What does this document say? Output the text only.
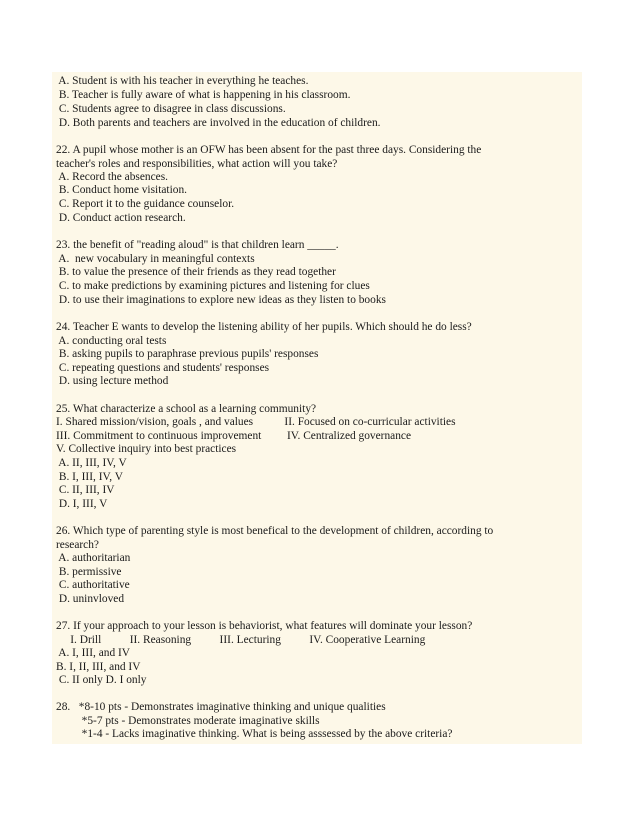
A. Student is with his teacher in everything he teaches.
B. Teacher is fully aware of what is happening in his classroom.
C. Students agree to disagree in class discussions.
D. Both parents and teachers are involved in the education of children.
22. A pupil whose mother is an OFW has been absent for the past three days. Considering the
teacher's roles and responsibilities, what action will you take?
A. Record the absences.
B. Conduct home visitation.
C. Report it to the guidance counselor.
D. Conduct action research.
23. the benefit of "reading aloud" is that children learn _____.
A.  new vocabulary in meaningful contexts
B. to value the presence of their friends as they read together
C. to make predictions by examining pictures and listening for clues
D. to use their imaginations to explore new ideas as they listen to books
24. Teacher E wants to develop the listening ability of her pupils. Which should he do less?
A. conducting oral tests
B. asking pupils to paraphrase previous pupils' responses
C. repeating questions and students' responses
D. using lecture method
25. What characterize a school as a learning community?
I. Shared mission/vision, goals , and values           II. Focused on co-curricular activities
III. Commitment to continuous improvement         IV. Centralized governance
V. Collective inquiry into best practices
A. II, III, IV, V
B. I, III, IV, V
C. II, III, IV
D. I, III, V
26. Which type of parenting style is most benefical to the development of children, according to
research?
A. authoritarian
B. permissive
C. authoritative
D. uninvloved
27. If your approach to your lesson is behaviorist, what features will dominate your lesson?
I. Drill          II. Reasoning          III. Lecturing          IV. Cooperative Learning
A. I, III, and IV
B. I, II, III, and IV
C. II only D. I only
28.   *8-10 pts - Demonstrates imaginative thinking and unique qualities
*5-7 pts - Demonstrates moderate imaginative skills
*1-4 - Lacks imaginative thinking. What is being asssessed by the above criteria?
